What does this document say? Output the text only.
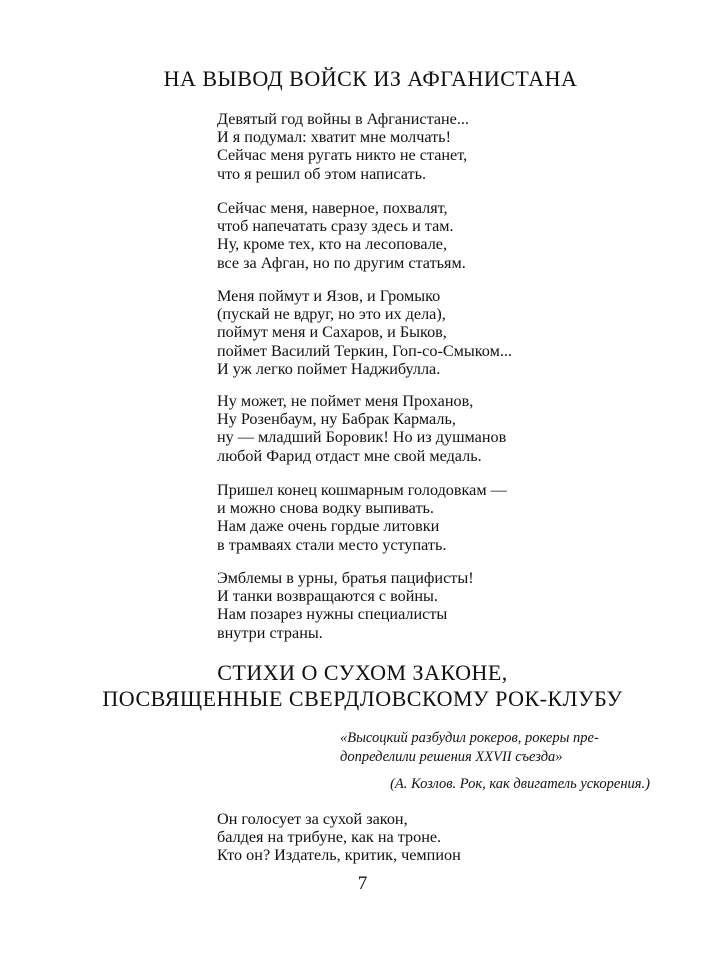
НА ВЫВОД ВОЙСК ИЗ АФГАНИСТАНА
Девятый год войны в Афганистане...
И я подумал: хватит мне молчать!
Сейчас меня ругать никто не станет,
что я решил об этом написать.
Сейчас меня, наверное, похвалят,
чтоб напечатать сразу здесь и там.
Ну, кроме тех, кто на лесоповале,
все за Афган, но по другим статьям.
Меня поймут и Язов, и Громыко
(пускай не вдруг, но это их дела),
поймут меня и Сахаров, и Быков,
поймет Василий Теркин, Гоп-со-Смыком...
И уж легко поймет Наджибулла.
Ну может, не поймет меня Проханов,
Ну Розенбаум, ну Бабрак Кармаль,
ну — младший Боровик! Но из душманов
любой Фарид отдаст мне свой медаль.
Пришел конец кошмарным голодовкам —
и можно снова водку выпивать.
Нам даже очень гордые литовки
в трамваях стали место уступать.
Эмблемы в урны, братья пацифисты!
И танки возвращаются с войны.
Нам позарез нужны специалисты
внутри страны.
СТИХИ О СУХОМ ЗАКОНЕ,
ПОСВЯЩЕННЫЕ СВЕРДЛОВСКОМУ РОК-КЛУБУ
«Высоцкий разбудил рокеров, рокеры пре-
допределили решения XXVII съезда»
(А. Козлов. Рок, как двигатель ускорения.)
Он голосует за сухой закон,
балдея на трибуне, как на троне.
Кто он? Издатель, критик, чемпион
7
